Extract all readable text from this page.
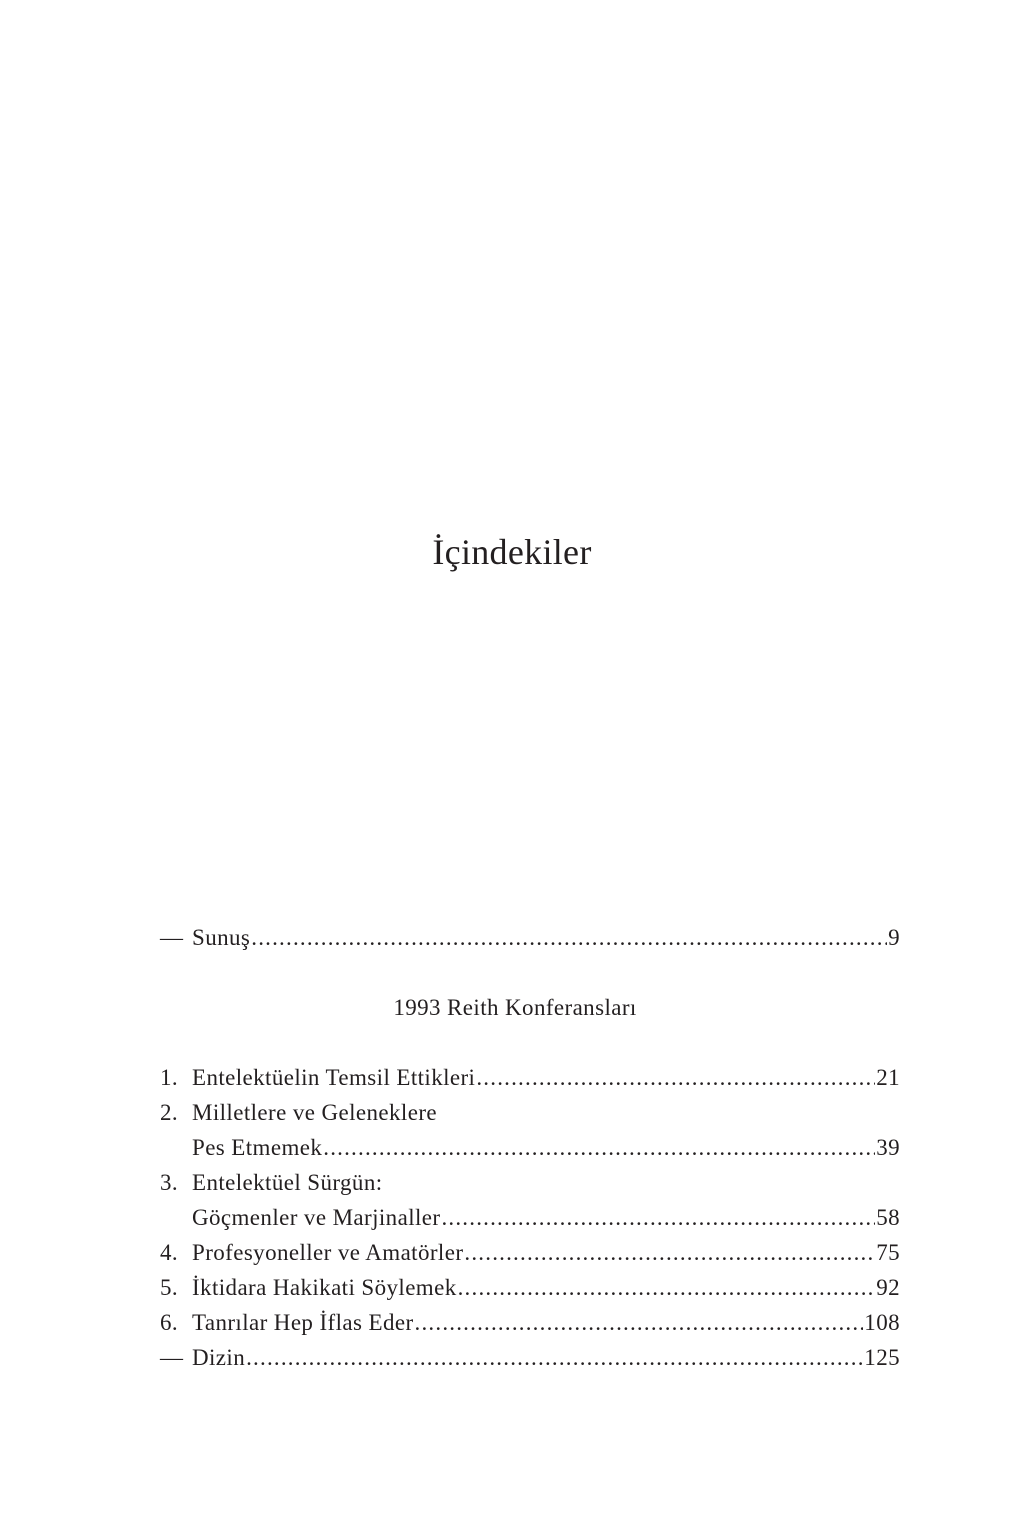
İçindekiler
— Sunuş .....	9
1993 Reith Konferansları
1. Entelektüelin Temsil Ettikleri .....	21
2. Milletlere ve Geleneklere
Pes Etmemek .....	39
3. Entelektüel Sürgün:
Göçmenler ve Marjinaller .....	58
4. Profesyoneller ve Amatörler .....	75
5. İktidara Hakikati Söylemek .....	92
6. Tanrılar Hep İflas Eder .....	108
— Dizin .....	125
